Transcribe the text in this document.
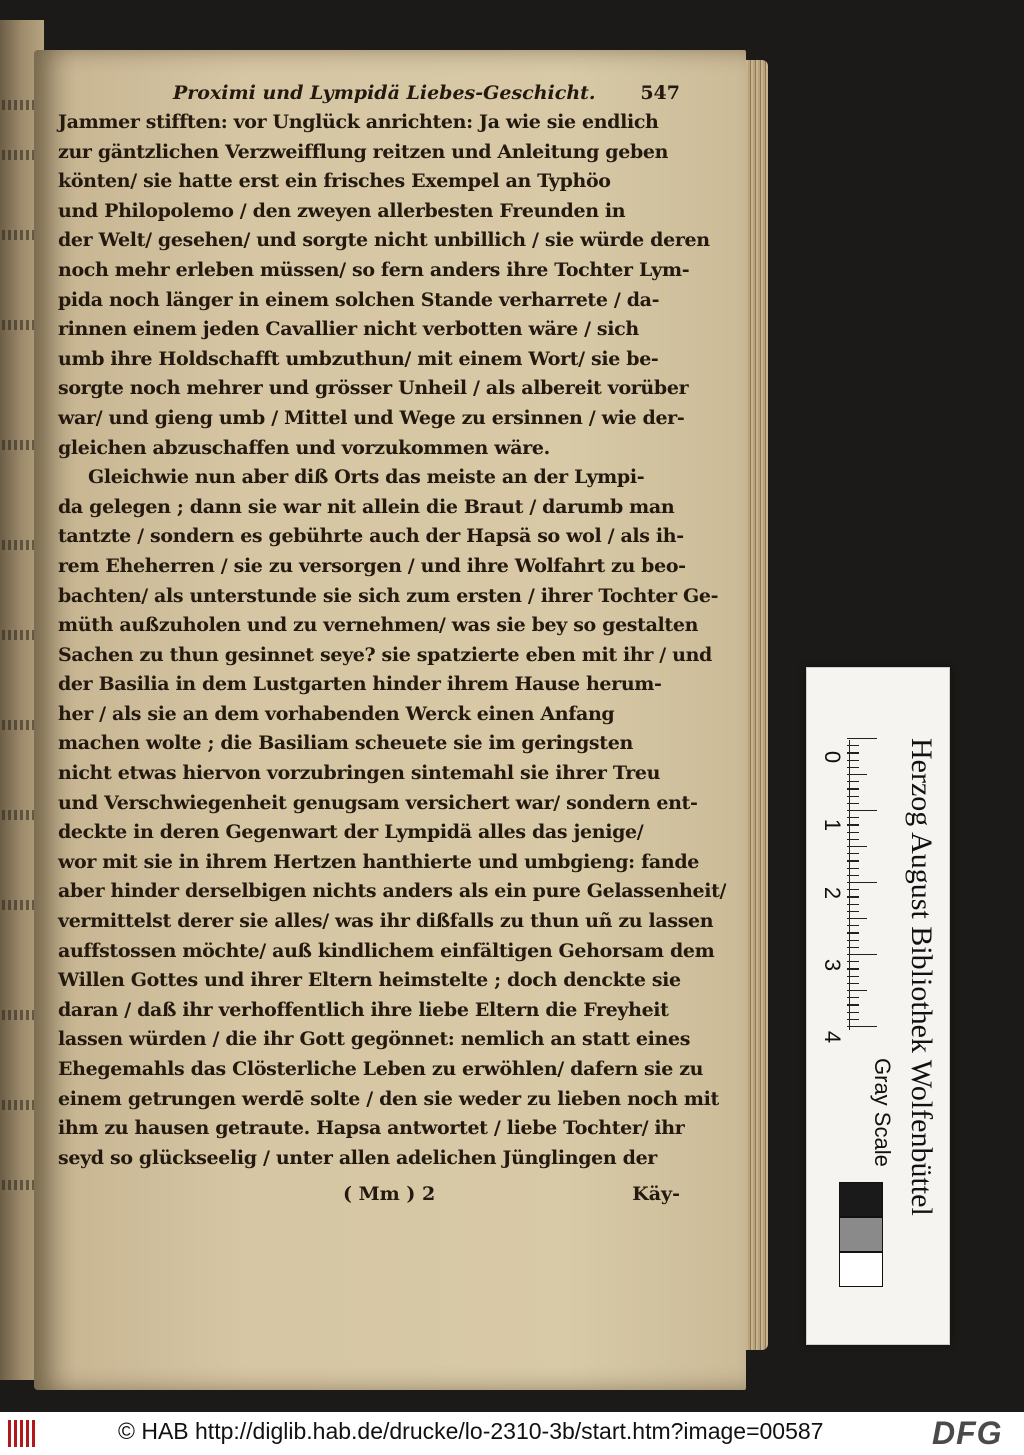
Proximi und Lympidä Liebes-Geschicht. 547
Jammer stifften: vor Unglück anrichten: Ja wie sie endlich
zur gäntzlichen Verzweifflung reitzen und Anleitung geben
könten/ sie hatte erst ein frisches Exempel an Typhöo
und Philopolemo / den zweyen allerbesten Freunden in
der Welt/ gesehen/ und sorgte nicht unbillich / sie würde deren
noch mehr erleben müssen/ so fern anders ihre Tochter Lym-
pida noch länger in einem solchen Stande verharrete / da-
rinnen einem jeden Cavallier nicht verbotten wäre / sich
umb ihre Holdschafft umbzuthun/ mit einem Wort/ sie be-
sorgte noch mehrer und grösser Unheil / als albereit vorüber
war/ und gieng umb / Mittel und Wege zu ersinnen / wie der-
gleichen abzuschaffen und vorzukommen wäre.
Gleichwie nun aber diß Orts das meiste an der Lympi-
da gelegen ; dann sie war nit allein die Braut / darumb man
tantzte / sondern es gebührte auch der Hapsä so wol / als ih-
rem Eheherren / sie zu versorgen / und ihre Wolfahrt zu beo-
bachten/ als unterstunde sie sich zum ersten / ihrer Tochter Ge-
müth außzuholen und zu vernehmen/ was sie bey so gestalten
Sachen zu thun gesinnet seye? sie spatzierte eben mit ihr / und
der Basilia in dem Lustgarten hinder ihrem Hause herum-
her / als sie an dem vorhabenden Werck einen Anfang
machen wolte ; die Basiliam scheuete sie im geringsten
nicht etwas hiervon vorzubringen sintemahl sie ihrer Treu
und Verschwiegenheit genugsam versichert war/ sondern ent-
deckte in deren Gegenwart der Lympidä alles das jenige/
wor mit sie in ihrem Hertzen hanthierte und umbgieng: fande
aber hinder derselbigen nichts anders als ein pure Gelassenheit/
vermittelst derer sie alles/ was ihr dißfalls zu thun uñ zu lassen
auffstossen möchte/ auß kindlichem einfältigen Gehorsam dem
Willen Gottes und ihrer Eltern heimstelte ; doch denckte sie
daran / daß ihr verhoffentlich ihre liebe Eltern die Freyheit
lassen würden / die ihr Gott gegönnet: nemlich an statt eines
Ehegemahls das Clösterliche Leben zu erwöhlen/ dafern sie zu
einem getrungen werdē solte / den sie weder zu lieben noch mit
ihm zu hausen getraute. Hapsa antwortet / liebe Tochter/ ihr
seyd so glückseelig / unter allen adelichen Jünglingen der
( Mm ) 2	Käy-
0
1
2
3
4
Gray Scale Herzog August Bibliothek Wolfenbüttel
© HAB http://diglib.hab.de/drucke/lo-2310-3b/start.htm?image=00587	DFG
